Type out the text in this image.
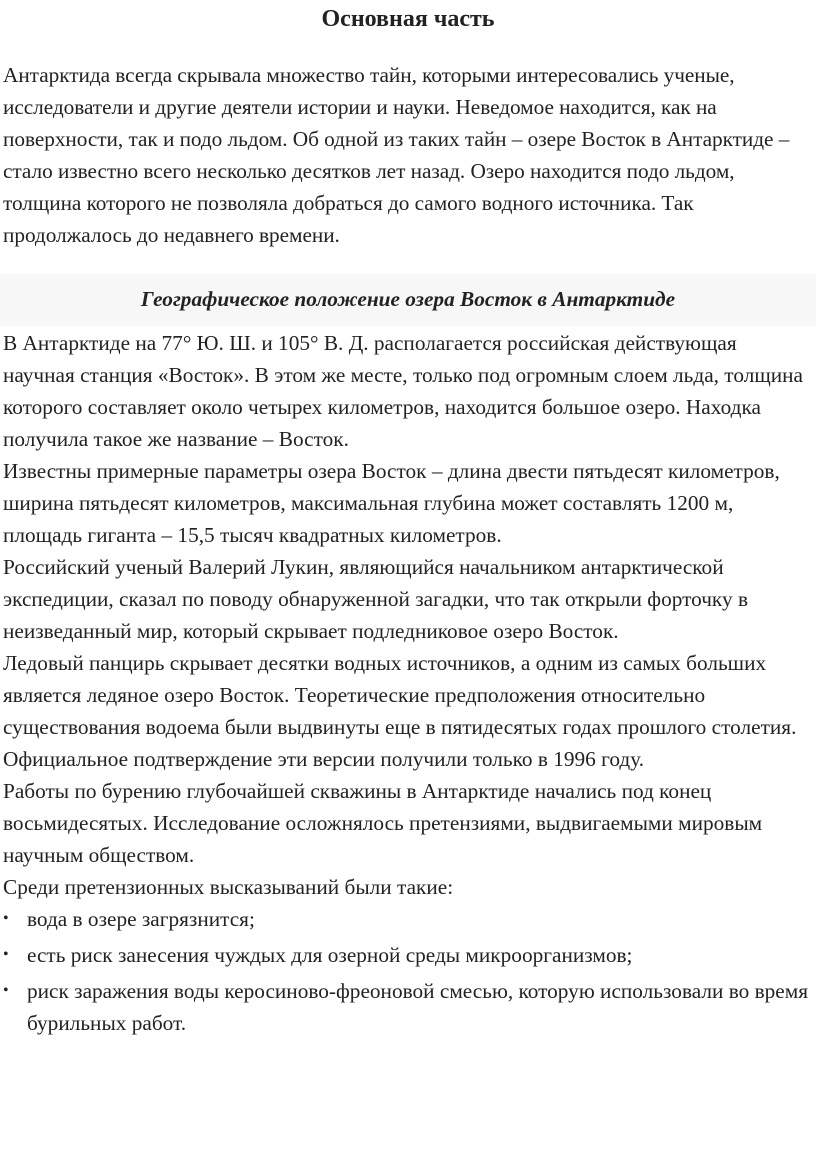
Основная часть

Антарктида всегда скрывала множество тайн, которыми интересовались ученые, исследователи и другие деятели истории и науки. Неведомое находится, как на поверхности, так и подо льдом. Об одной из таких тайн – озере Восток в Антарктиде – стало известно всего несколько десятков лет назад. Озеро находится подо льдом, толщина которого не позволяла добраться до самого водного источника. Так продолжалось до недавнего времени.

Географическое положение озера Восток в Антарктиде

В Антарктиде на 77° Ю. Ш. и 105° В. Д. располагается российская действующая научная станция «Восток». В этом же месте, только под огромным слоем льда, толщина которого составляет около четырех километров, находится большое озеро. Находка получила такое же название – Восток.

Известны примерные параметры озера Восток – длина двести пятьдесят километров, ширина пятьдесят километров, максимальная глубина может составлять 1200 м, площадь гиганта – 15,5 тысяч квадратных километров.

Российский ученый Валерий Лукин, являющийся начальником антарктической экспедиции, сказал по поводу обнаруженной загадки, что так открыли форточку в неизведанный мир, который скрывает подледниковое озеро Восток.

Ледовый панцирь скрывает десятки водных источников, а одним из самых больших является ледяное озеро Восток. Теоретические предположения относительно существования водоема были выдвинуты еще в пятидесятых годах прошлого столетия. Официальное подтверждение эти версии получили только в 1996 году.

Работы по бурению глубочайшей скважины в Антарктиде начались под конец восьмидесятых. Исследование осложнялось претензиями, выдвигаемыми мировым научным обществом.

Среди претензионных высказываний были такие:

• вода в озере загрязнится;
• есть риск занесения чуждых для озерной среды микроорганизмов;
• риск заражения воды керосиново-фреоновой смесью, которую использовали во время бурильных работ.
